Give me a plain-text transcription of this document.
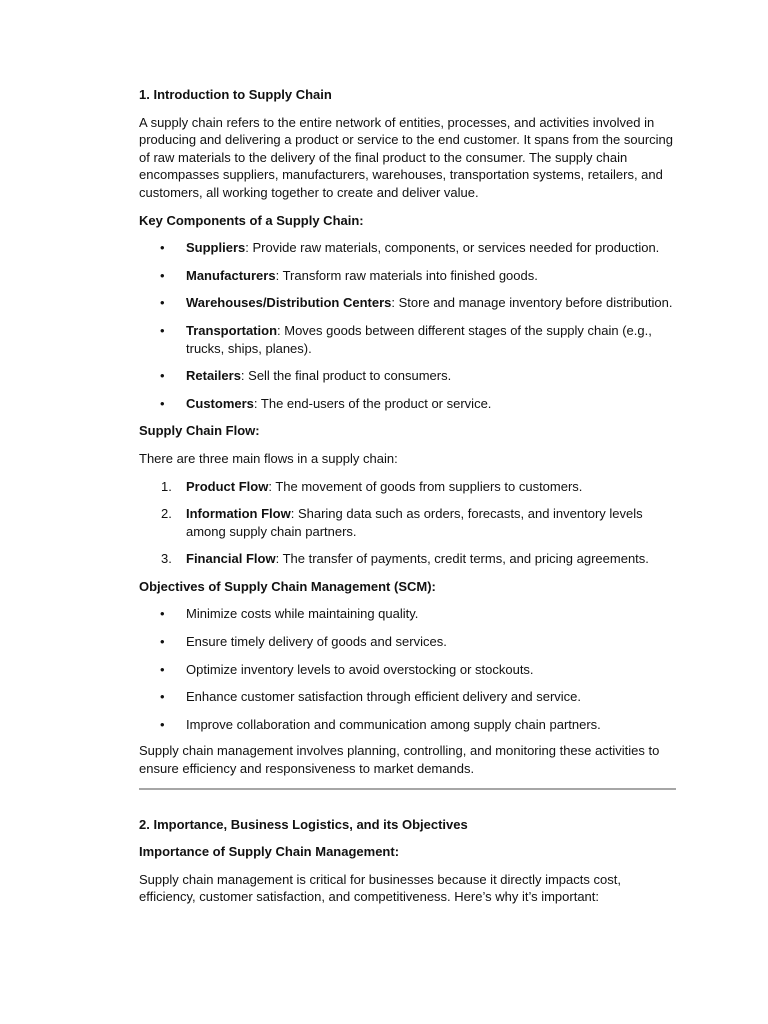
1. Introduction to Supply Chain

A supply chain refers to the entire network of entities, processes, and activities involved in producing and delivering a product or service to the end customer. It spans from the sourcing of raw materials to the delivery of the final product to the consumer. The supply chain encompasses suppliers, manufacturers, warehouses, transportation systems, retailers, and customers, all working together to create and deliver value.

Key Components of a Supply Chain:

•	Suppliers: Provide raw materials, components, or services needed for production.
•	Manufacturers: Transform raw materials into finished goods.
•	Warehouses/Distribution Centers: Store and manage inventory before distribution.
•	Transportation: Moves goods between different stages of the supply chain (e.g., trucks, ships, planes).
•	Retailers: Sell the final product to consumers.
•	Customers: The end-users of the product or service.

Supply Chain Flow:

There are three main flows in a supply chain:

1. Product Flow: The movement of goods from suppliers to customers.
2. Information Flow: Sharing data such as orders, forecasts, and inventory levels among supply chain partners.
3. Financial Flow: The transfer of payments, credit terms, and pricing agreements.

Objectives of Supply Chain Management (SCM):

•	Minimize costs while maintaining quality.
•	Ensure timely delivery of goods and services.
•	Optimize inventory levels to avoid overstocking or stockouts.
•	Enhance customer satisfaction through efficient delivery and service.
•	Improve collaboration and communication among supply chain partners.

Supply chain management involves planning, controlling, and monitoring these activities to ensure efficiency and responsiveness to market demands.

2. Importance, Business Logistics, and its Objectives

Importance of Supply Chain Management:

Supply chain management is critical for businesses because it directly impacts cost, efficiency, customer satisfaction, and competitiveness. Here’s why it’s important:
